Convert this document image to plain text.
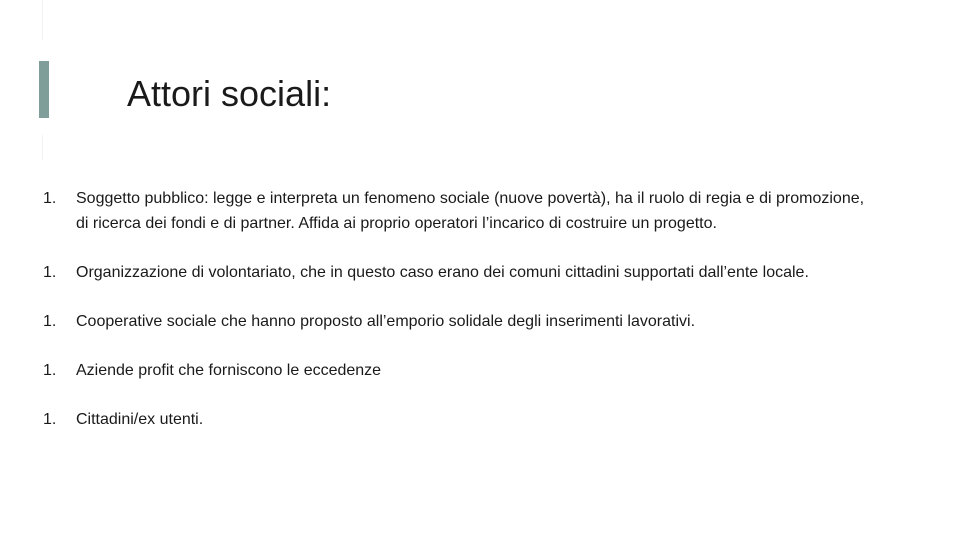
Attori sociali:
1.	Soggetto pubblico: legge e interpreta un fenomeno sociale (nuove povertà), ha il ruolo di regia e di promozione, di ricerca dei fondi e di partner. Affida ai proprio operatori l’incarico di costruire un progetto.
1.	Organizzazione di volontariato, che in questo caso erano dei comuni cittadini supportati dall’ente locale.
1.	Cooperative sociale che hanno proposto all’emporio solidale degli inserimenti lavorativi.
1.	Aziende profit che forniscono le eccedenze
1.	Cittadini/ex utenti.
